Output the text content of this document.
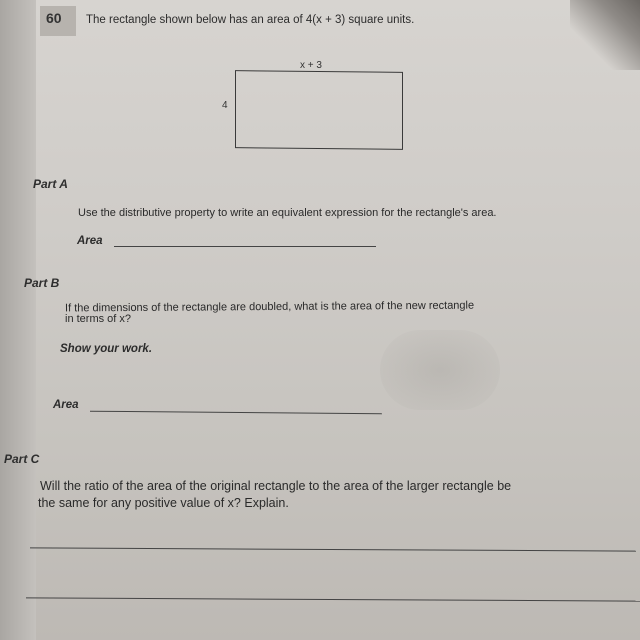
60 The rectangle shown below has an area of 4(x + 3) square units.
x + 3
4
Part A
Use the distributive property to write an equivalent expression for the rectangle's area.
Area
Part B
If the dimensions of the rectangle are doubled, what is the area of the new rectangle
in terms of x?
Show your work.
Area
Part C
Will the ratio of the area of the original rectangle to the area of the larger rectangle be
the same for any positive value of x? Explain.
